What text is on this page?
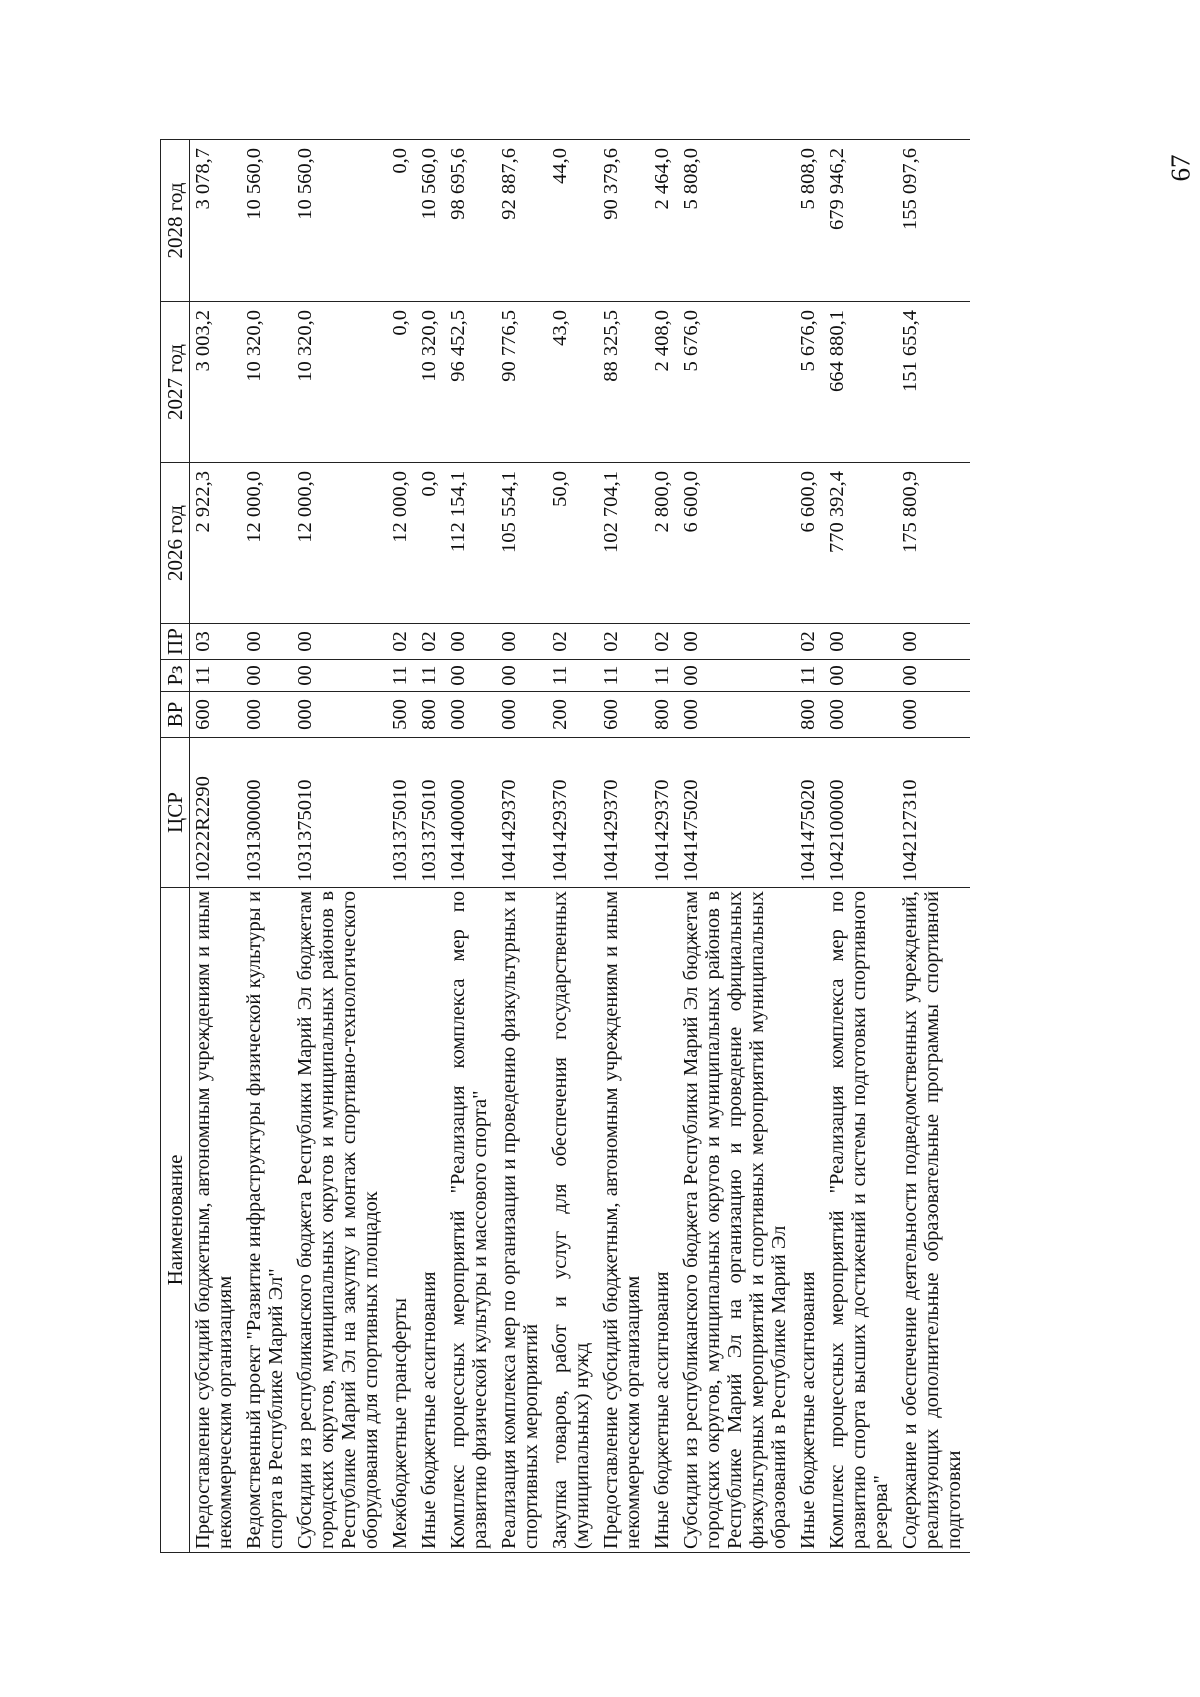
67
Наименование	ЦСР	ВР	Рз	ПР	2026 год	2027 год	2028 год
Предоставление субсидий бюджетным, автономным учреждениям и иным некоммерческим организациям	10222R2290	600	11	03	2 922,3	3 003,2	3 078,7
Ведомственный проект "Развитие инфраструктуры физической культуры и спорта в Республике Марий Эл"	1031300000	000	00	00	12 000,0	10 320,0	10 560,0
Субсидии из республиканского бюджета Республики Марий Эл бюджетам городских округов, муниципальных округов и муниципальных районов в Республике Марий Эл на закупку и монтаж спортивно-технологического оборудования для спортивных площадок	1031375010	000	00	00	12 000,0	10 320,0	10 560,0
Межбюджетные трансферты	1031375010	500	11	02	12 000,0	0,0	0,0
Иные бюджетные ассигнования	1031375010	800	11	02	0,0	10 320,0	10 560,0
Комплекс процессных мероприятий "Реализация комплекса мер по развитию физической культуры и массового спорта"	1041400000	000	00	00	112 154,1	96 452,5	98 695,6
Реализация комплекса мер по организации и проведению физкультурных и спортивных мероприятий	1041429370	000	00	00	105 554,1	90 776,5	92 887,6
Закупка товаров, работ и услуг для обеспечения государственных (муниципальных) нужд	1041429370	200	11	02	50,0	43,0	44,0
Предоставление субсидий бюджетным, автономным учреждениям и иным некоммерческим организациям	1041429370	600	11	02	102 704,1	88 325,5	90 379,6
Иные бюджетные ассигнования	1041429370	800	11	02	2 800,0	2 408,0	2 464,0
Субсидии из республиканского бюджета Республики Марий Эл бюджетам городских округов, муниципальных округов и муниципальных районов в Республике Марий Эл на организацию и проведение официальных физкультурных мероприятий и спортивных мероприятий муниципальных образований в Республике Марий Эл	1041475020	000	00	00	6 600,0	5 676,0	5 808,0
Иные бюджетные ассигнования	1041475020	800	11	02	6 600,0	5 676,0	5 808,0
Комплекс процессных мероприятий "Реализация комплекса мер по развитию спорта высших достижений и системы подготовки спортивного резерва"	1042100000	000	00	00	770 392,4	664 880,1	679 946,2
Содержание и обеспечение деятельности подведомственных учреждений, реализующих дополнительные образовательные программы спортивной подготовки	1042127310	000	00	00	175 800,9	151 655,4	155 097,6
